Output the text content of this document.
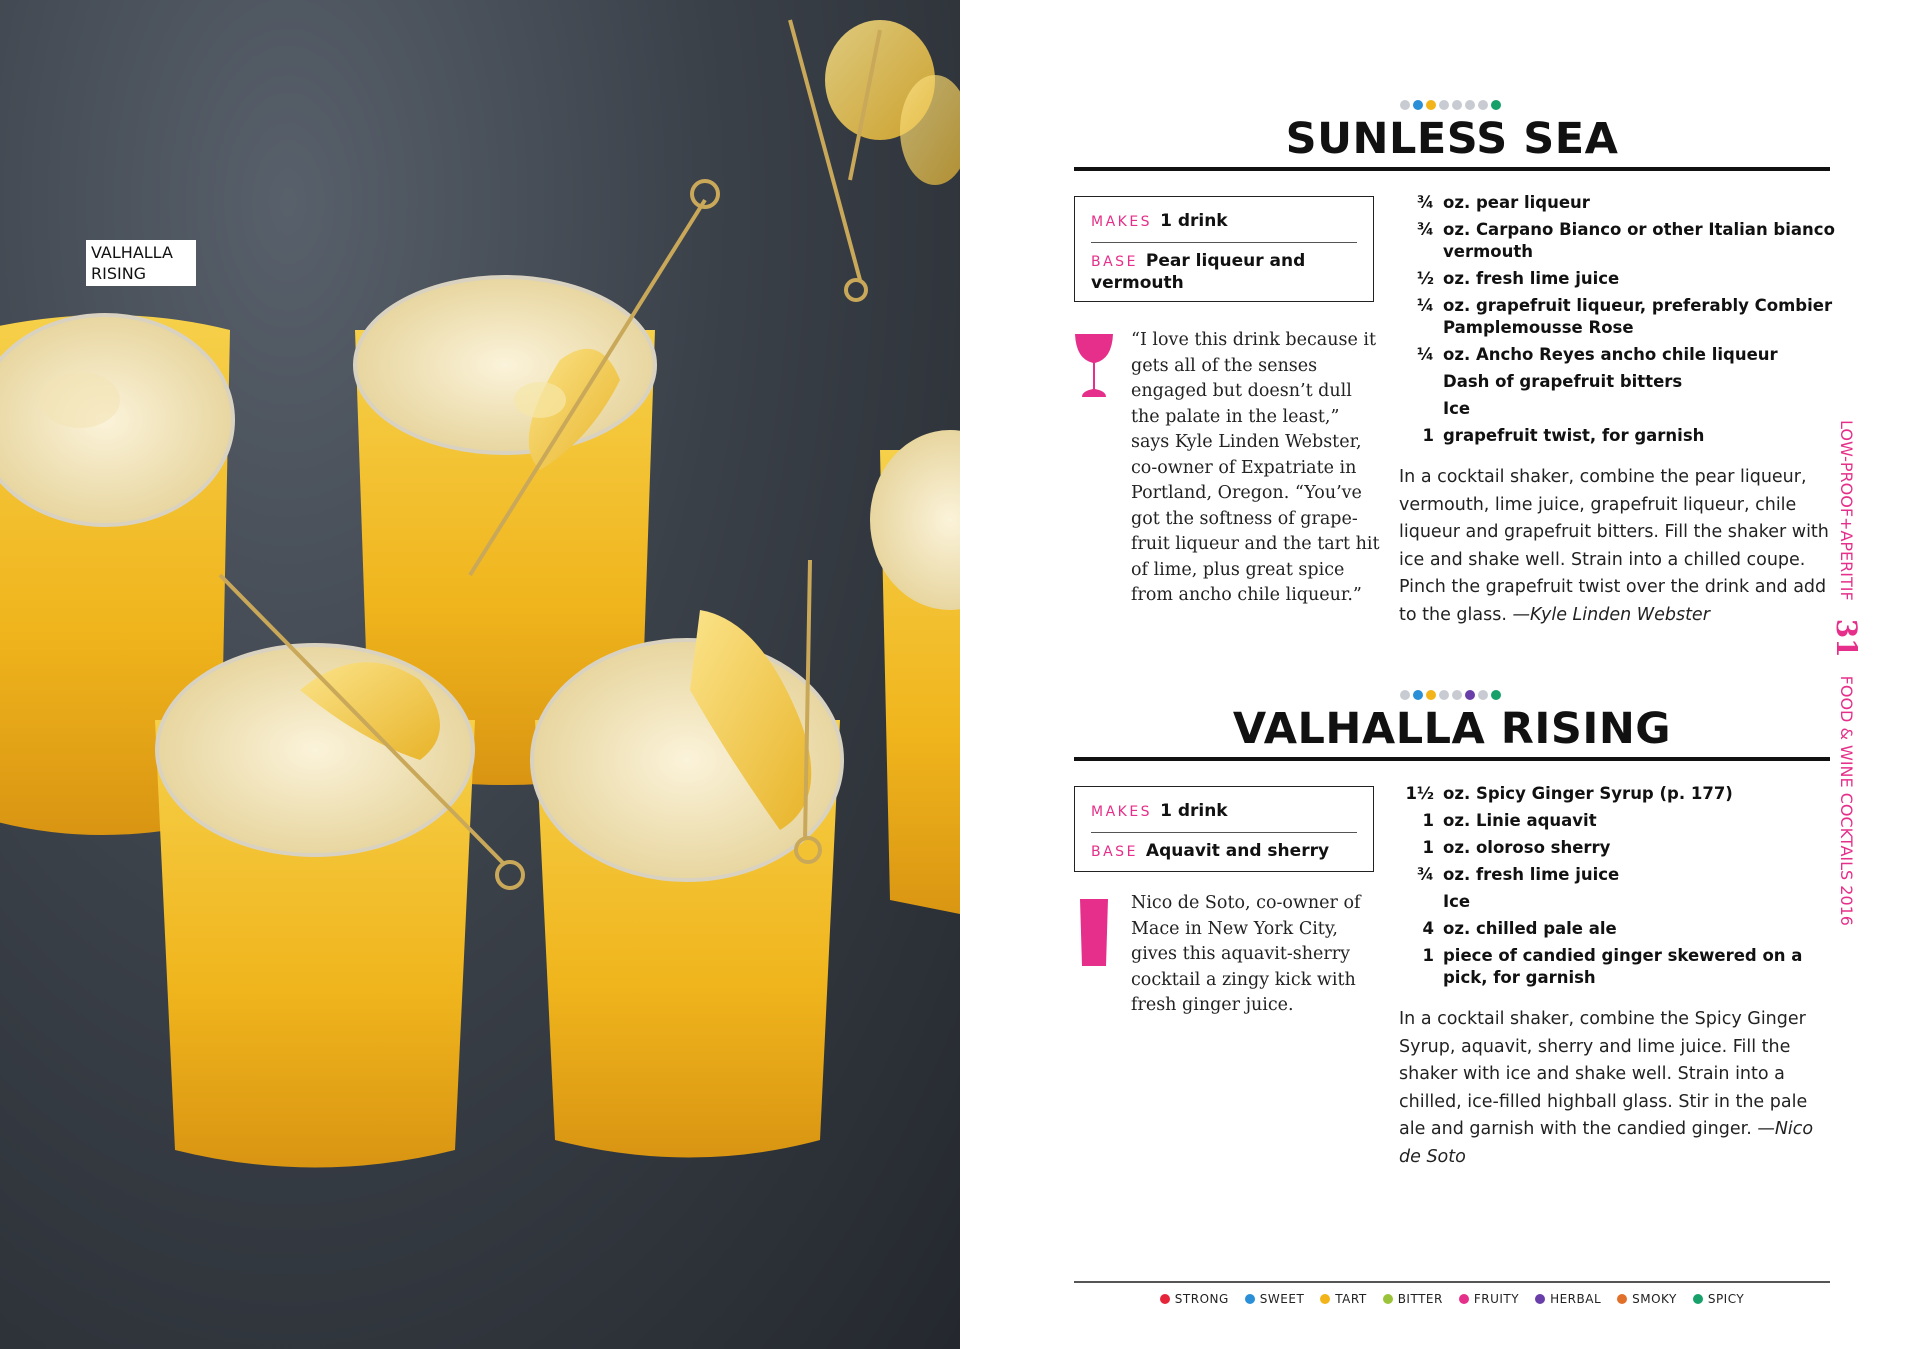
VALHALLA
RISING
SUNLESS SEA
MAKES 1 drink
BASE Pear liqueur and vermouth
“I love this drink because it gets all of the senses engaged but doesn’t dull the palate in the least,” says Kyle Linden Webster, co-owner of Expatriate in Portland, Oregon. “You’ve got the softness of grape-fruit liqueur and the tart hit of lime, plus great spice from ancho chile liqueur.”
¾ oz. pear liqueur
¾ oz. Carpano Bianco or other Italian bianco vermouth
½ oz. fresh lime juice
¼ oz. grapefruit liqueur, preferably Combier Pamplemousse Rose
¼ oz. Ancho Reyes ancho chile liqueur
Dash of grapefruit bitters
Ice
1 grapefruit twist, for garnish
In a cocktail shaker, combine the pear liqueur, vermouth, lime juice, grapefruit liqueur, chile liqueur and grapefruit bitters. Fill the shaker with ice and shake well. Strain into a chilled coupe. Pinch the grapefruit twist over the drink and add to the glass. —Kyle Linden Webster
VALHALLA RISING
MAKES 1 drink
BASE Aquavit and sherry
Nico de Soto, co-owner of Mace in New York City, gives this aquavit-sherry cocktail a zingy kick with fresh ginger juice.
1½ oz. Spicy Ginger Syrup (p. 177)
1 oz. Linie aquavit
1 oz. oloroso sherry
¾ oz. fresh lime juice
Ice
4 oz. chilled pale ale
1 piece of candied ginger skewered on a pick, for garnish
In a cocktail shaker, combine the Spicy Ginger Syrup, aquavit, sherry and lime juice. Fill the shaker with ice and shake well. Strain into a chilled, ice-filled highball glass. Stir in the pale ale and garnish with the candied ginger. —Nico de Soto
LOW-PROOF+APERITIF
31
FOOD & WINE COCKTAILS 2016
STRONG	SWEET	TART	BITTER	FRUITY	HERBAL	SMOKY	SPICY
